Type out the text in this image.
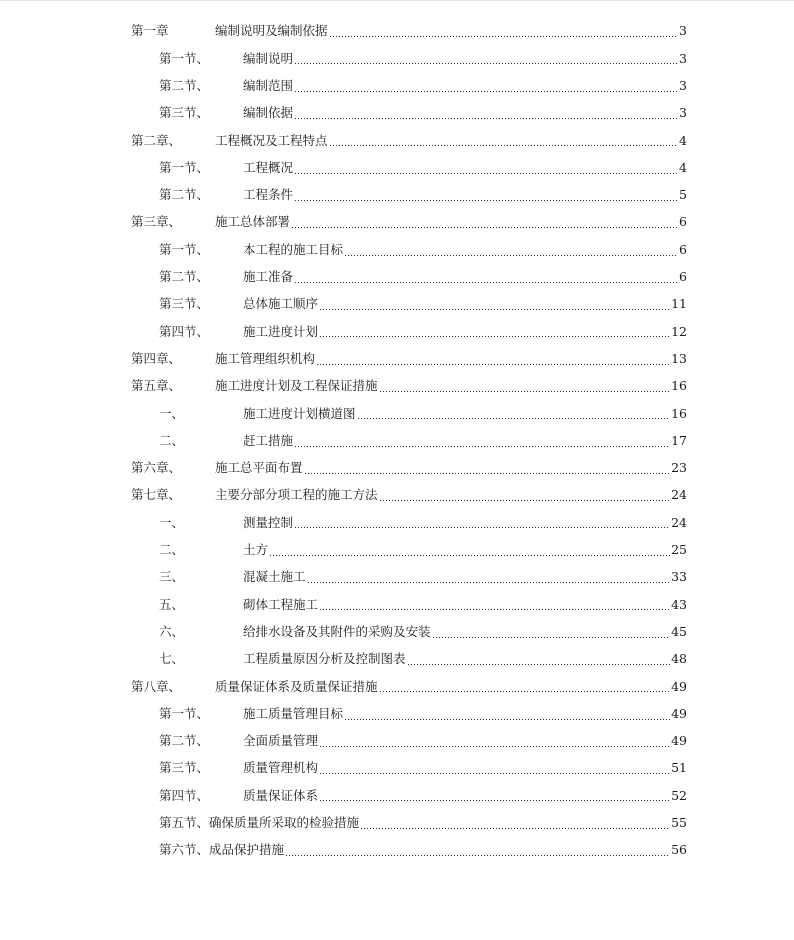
第一章	编制说明及编制依据	3
第一节、	编制说明	3
第二节、	编制范围	3
第三节、	编制依据	3
第二章、	工程概况及工程特点	4
第一节、	工程概况	4
第二节、	工程条件	5
第三章、	施工总体部署	6
第一节、	本工程的施工目标	6
第二节、	施工准备	6
第三节、	总体施工顺序	11
第四节、	施工进度计划	12
第四章、	施工管理组织机构	13
第五章、	施工进度计划及工程保证措施	16
一、	施工进度计划横道图	16
二、	赶工措施	17
第六章、	施工总平面布置	23
第七章、	主要分部分项工程的施工方法	24
一、	测量控制	24
二、	土方	25
三、	混凝土施工	33
五、	砌体工程施工	43
六、	给排水设备及其附件的采购及安装	45
七、	工程质量原因分析及控制图表	48
第八章、	质量保证体系及质量保证措施	49
第一节、	施工质量管理目标	49
第二节、	全面质量管理	49
第三节、	质量管理机构	51
第四节、	质量保证体系	52
第五节、 确保质量所采取的检验措施	55
第六节、 成品保护措施	56
